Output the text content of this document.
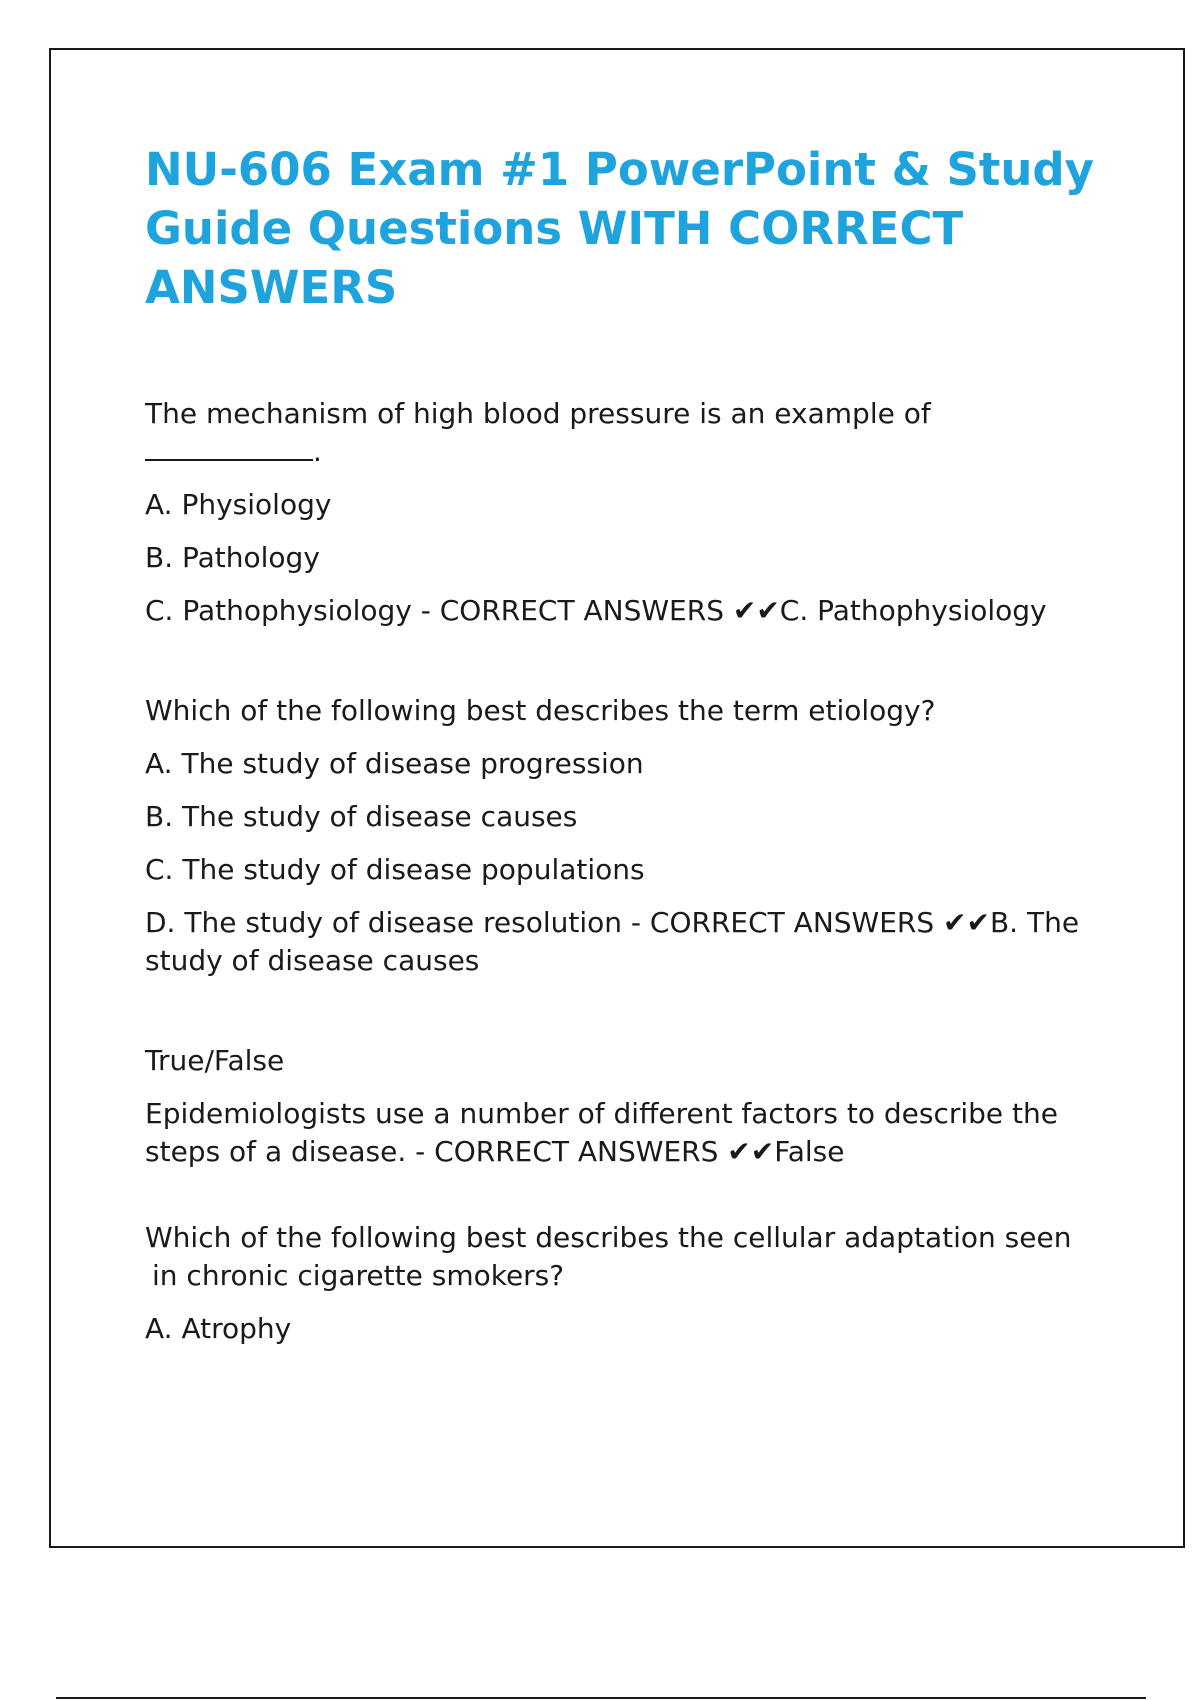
NU-606 Exam #1 PowerPoint & Study Guide Questions WITH CORRECT ANSWERS

The mechanism of high blood pressure is an example of

.

A. Physiology

B. Pathology

C. Pathophysiology - CORRECT ANSWERS ✔✔C. Pathophysiology

Which of the following best describes the term etiology?

A. The study of disease progression

B. The study of disease causes

C. The study of disease populations

D. The study of disease resolution - CORRECT ANSWERS ✔✔B. The study of disease causes

True/False

Epidemiologists use a number of different factors to describe the steps of a disease. - CORRECT ANSWERS ✔✔False

Which of the following best describes the cellular adaptation seen

in chronic cigarette smokers?

A. Atrophy
